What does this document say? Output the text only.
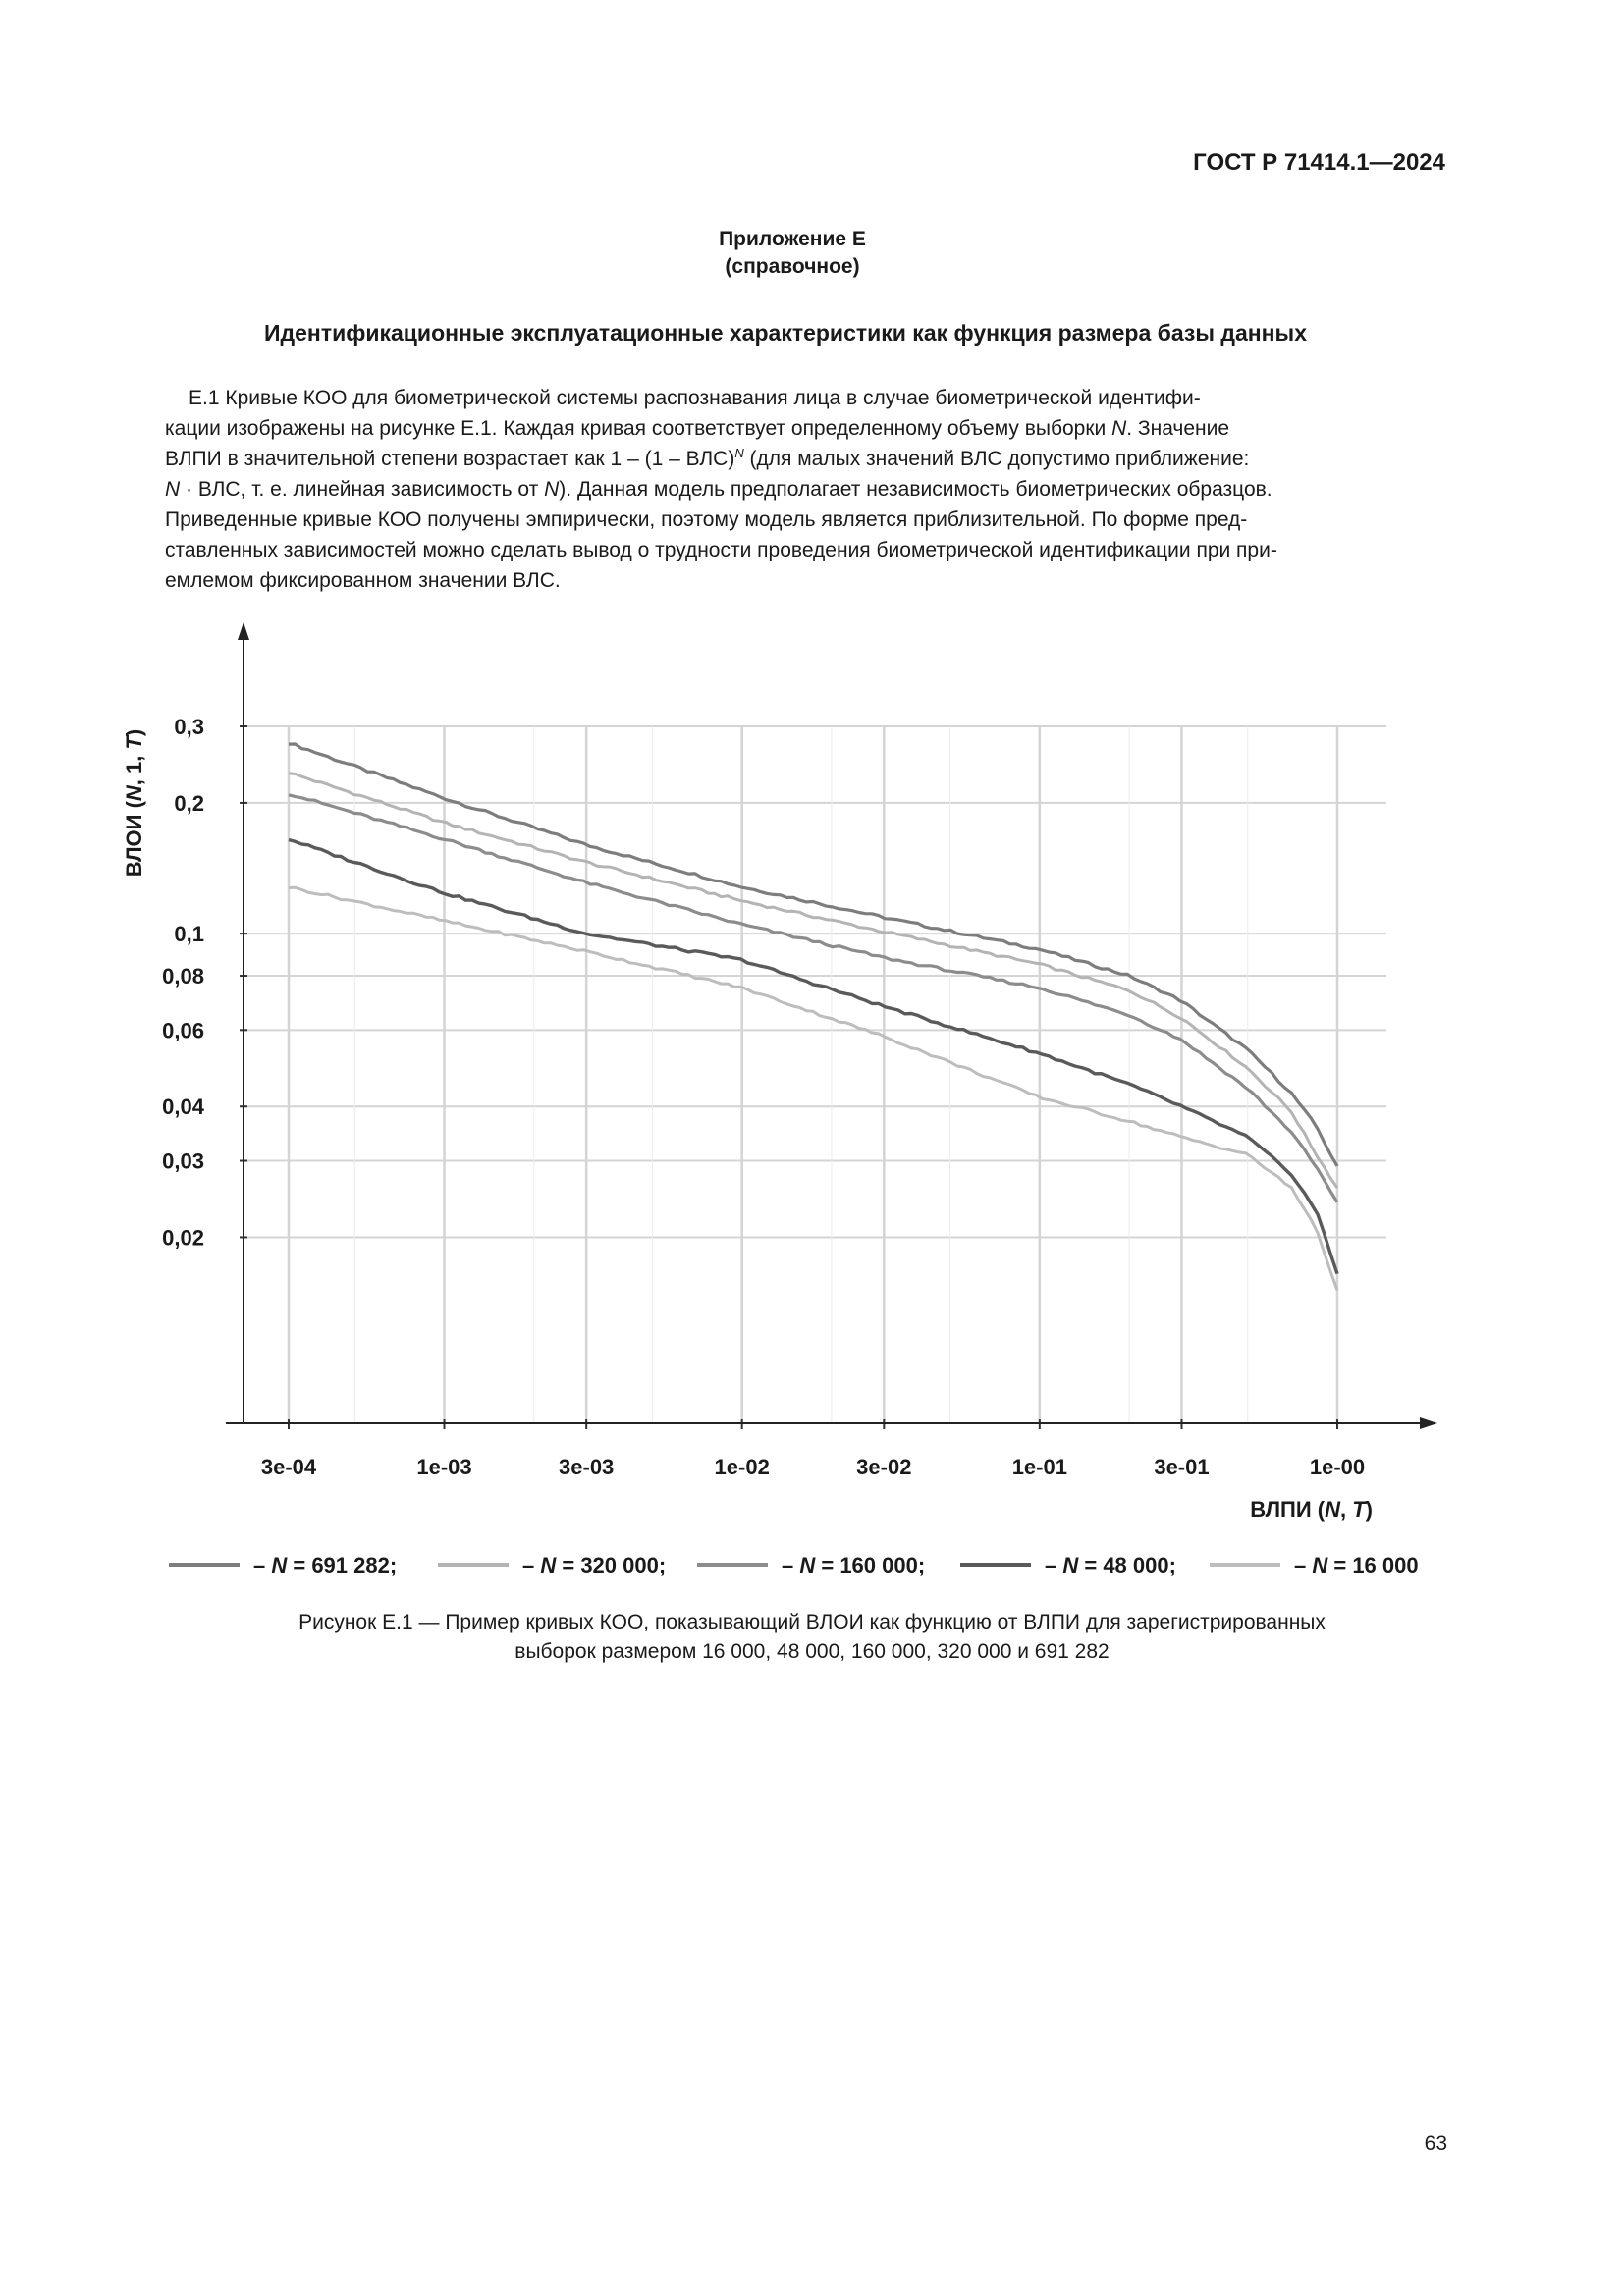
ГОСТ Р 71414.1—2024
Приложение E
(справочное)
Идентификационные эксплуатационные характеристики как функция размера базы данных
Е.1 Кривые КОО для биометрической системы распознавания лица в случае биометрической идентифи-
кации изображены на рисунке Е.1. Каждая кривая соответствует определенному объему выборки N. Значение
ВЛПИ в значительной степени возрастает как 1 – (1 – ВЛС)$^N$ (для малых значений ВЛС допустимо приближение:
N · ВЛС, т. е. линейная зависимость от N). Данная модель предполагает независимость биометрических образцов.
Приведенные кривые КОО получены эмпирически, поэтому модель является приблизительной. По форме пред-
ставленных зависимостей можно сделать вывод о трудности проведения биометрической идентификации при при-
емлемом фиксированном значении ВЛС.
0,3
0,2
0,1
0,08
0,06
0,04
0,03
0,02
3e-04	1e-03	3e-03	1e-02	3e-02	1e-01	3e-01	1e-00
ВЛПИ (N, T)
ВЛОИ (N, 1, T)
– N = 691 282;	– N = 320 000;	– N = 160 000;	– N = 48 000;	– N = 16 000
Рисунок Е.1 — Пример кривых КОО, показывающий ВЛОИ как функцию от ВЛПИ для зарегистрированных
выборок размером 16 000, 48 000, 160 000, 320 000 и 691 282
63
